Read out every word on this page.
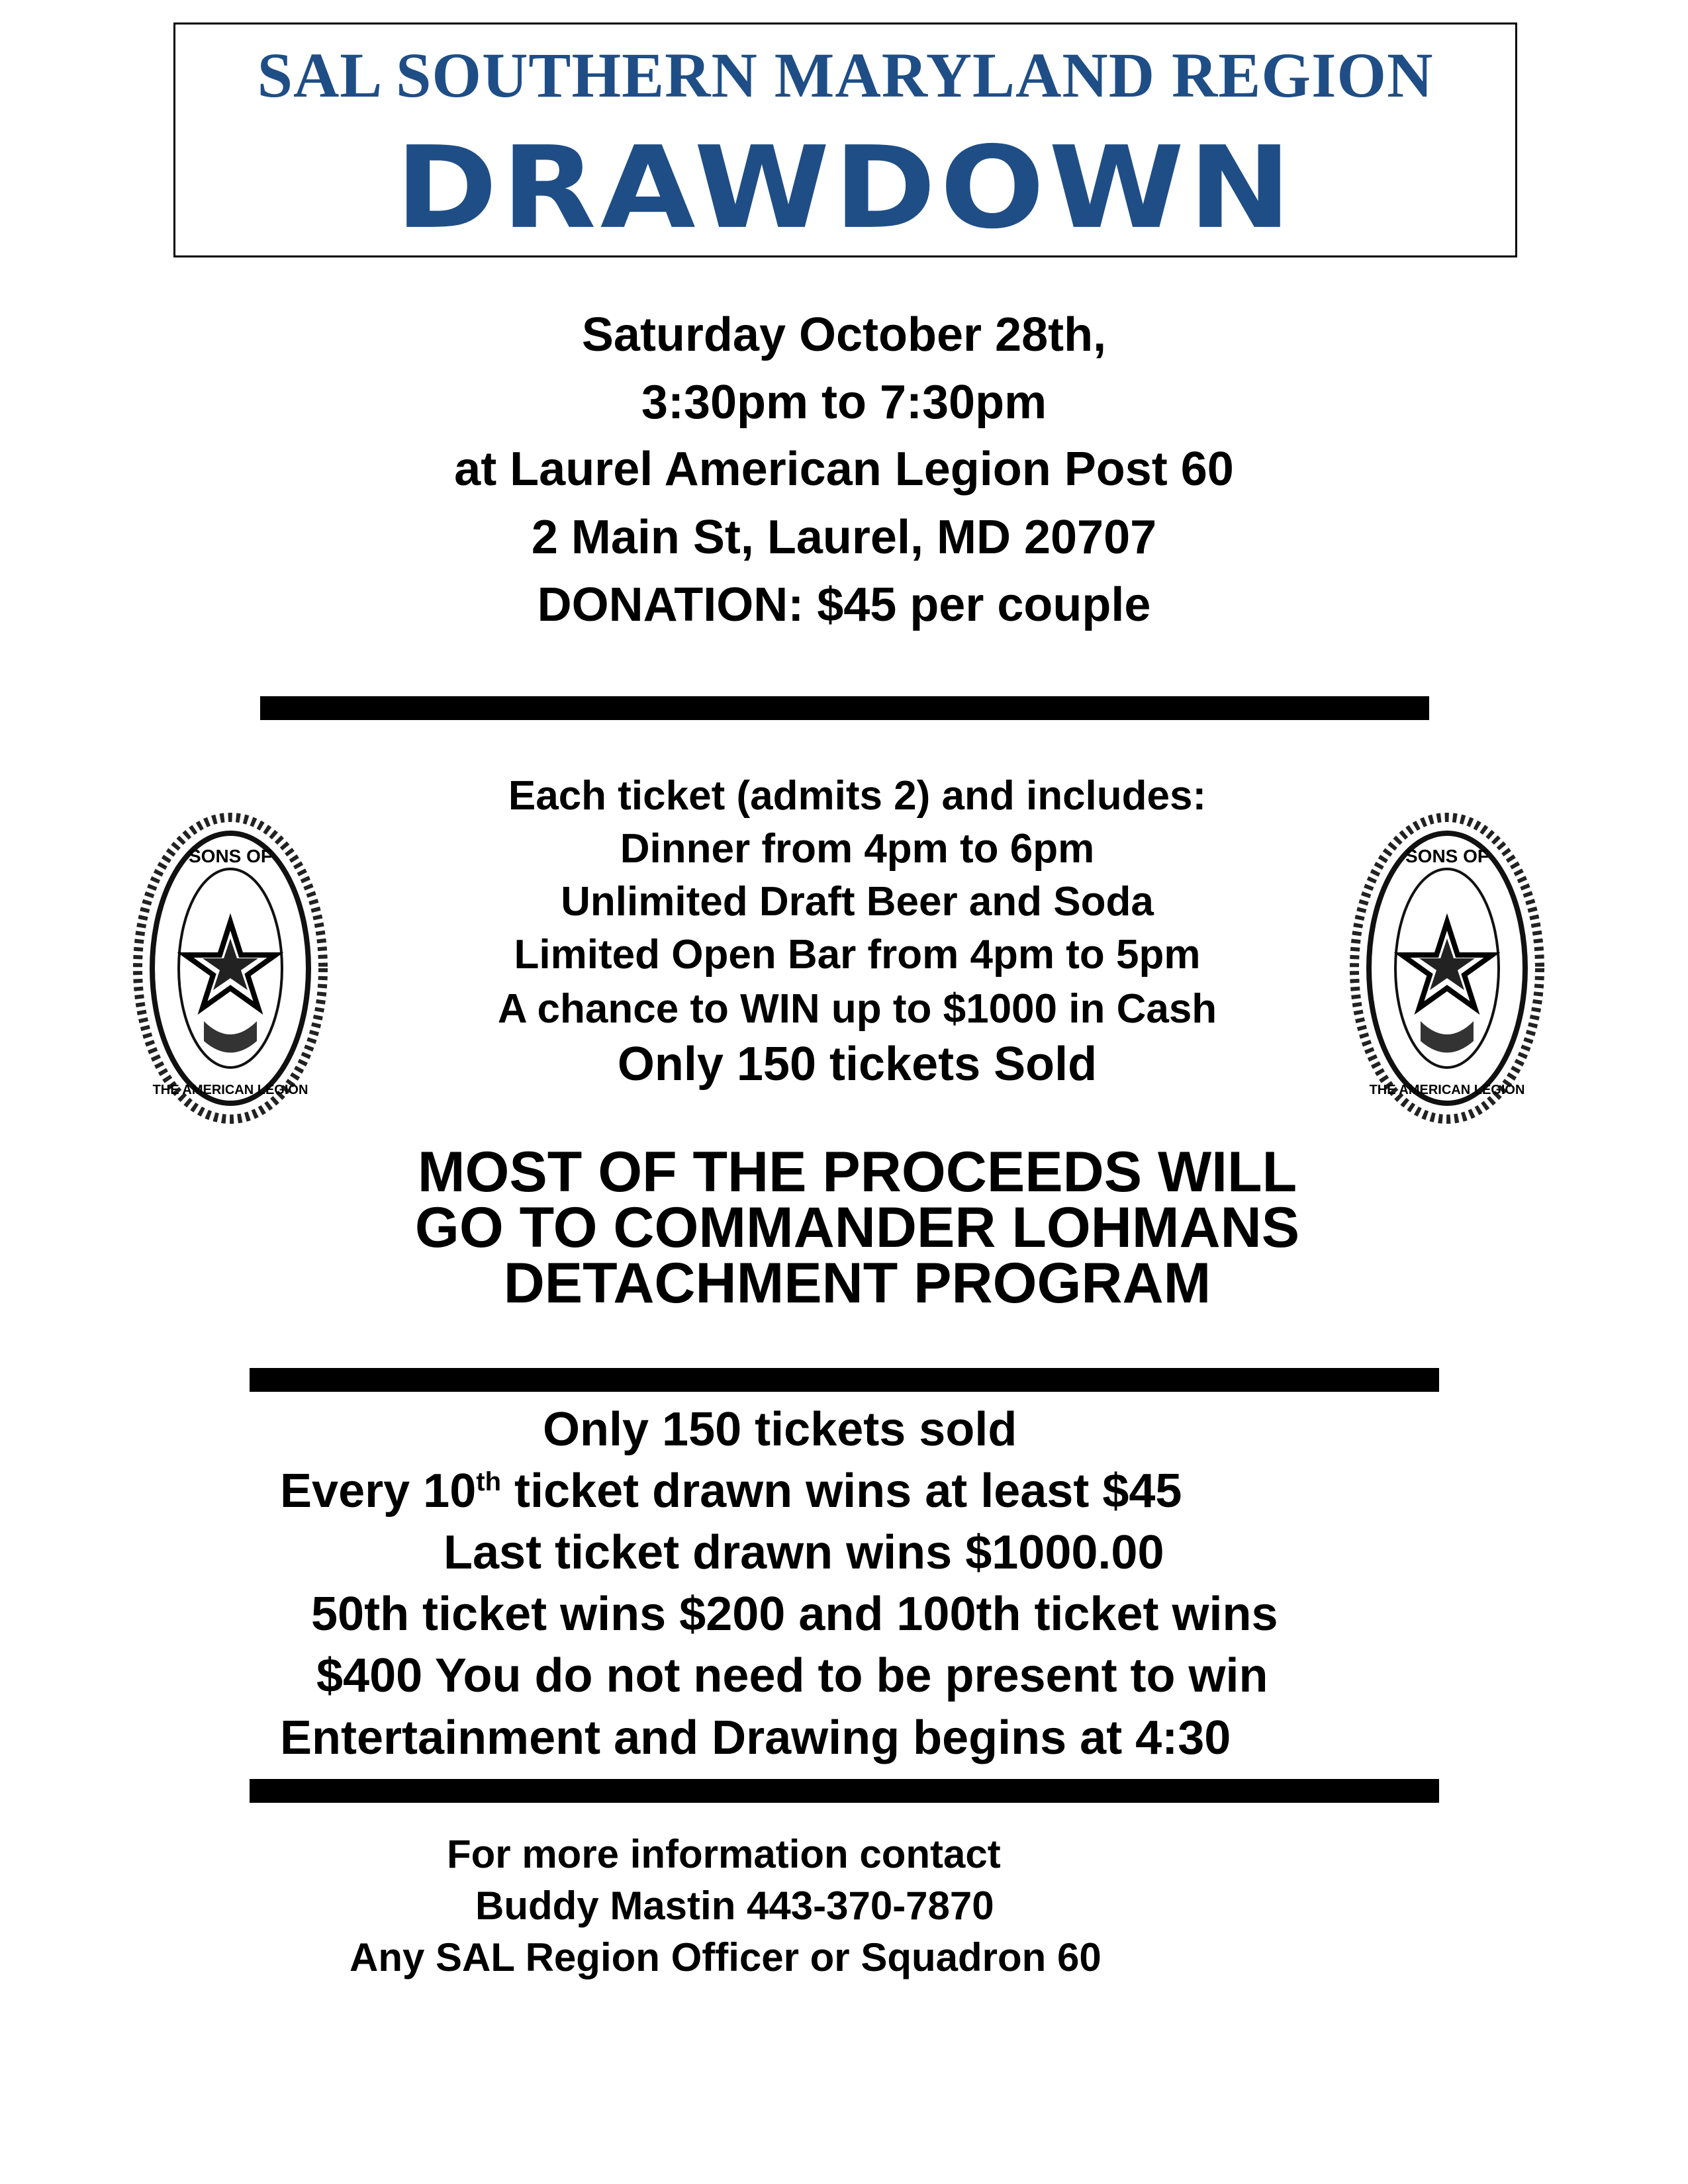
SAL SOUTHERN MARYLAND REGION
DRAWDOWN
Saturday October 28th,
3:30pm to 7:30pm
at Laurel American Legion Post 60
2 Main St, Laurel, MD 20707
DONATION: $45 per couple
Each ticket (admits 2) and includes:
Dinner from 4pm to 6pm
Unlimited Draft Beer and Soda
Limited Open Bar from 4pm to 5pm
A chance to WIN up to $1000 in Cash
Only 150 tickets Sold
SONS OF
THE AMERICAN LEGION
SONS OF
THE AMERICAN LEGION
MOST OF THE PROCEEDS WILL
GO TO COMMANDER LOHMANS
DETACHMENT PROGRAM
Only 150 tickets sold
Every 10th ticket drawn wins at least $45
Last ticket drawn wins $1000.00
50th ticket wins $200 and 100th ticket wins
$400 You do not need to be present to win
Entertainment and Drawing begins at 4:30
For more information contact
Buddy Mastin 443-370-7870
Any SAL Region Officer or Squadron 60
